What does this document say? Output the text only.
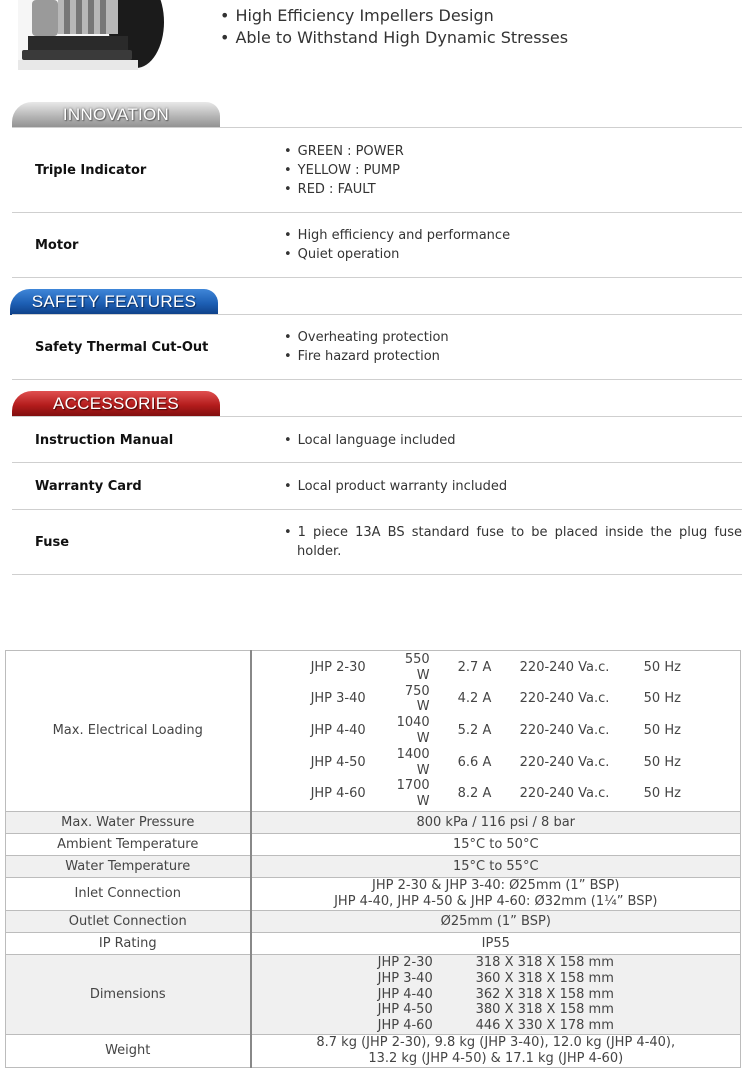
• High Efficiency Impellers Design
• Able to Withstand High Dynamic Stresses
INNOVATION
Triple Indicator
• GREEN : POWER
• YELLOW : PUMP
• RED : FAULT
Motor
• High efficiency and performance
• Quiet operation
SAFETY FEATURES
Safety Thermal Cut-Out
• Overheating protection
• Fire hazard protection
ACCESSORIES
Instruction Manual	• Local language included
Warranty Card	• Local product warranty included
Fuse
• 1 piece 13A BS standard fuse to be placed inside the plug fuse holder.
Max. Electrical Loading	
JHP 2-30	550 W	2.7 A	220-240 Va.c.	50 Hz
JHP 3-40	750 W	4.2 A	220-240 Va.c.	50 Hz
JHP 4-40	1040 W	5.2 A	220-240 Va.c.	50 Hz
JHP 4-50	1400 W	6.6 A	220-240 Va.c.	50 Hz
JHP 4-60	1700 W	8.2 A	220-240 Va.c.	50 Hz

Max. Water Pressure	800 kPa / 116 psi / 8 bar
Ambient Temperature	15°C to 50°C
Water Temperature	15°C to 55°C
Inlet Connection	
JHP 2-30 & JHP 3-40: Ø25mm (1” BSP)
JHP 4-40, JHP 4-50 & JHP 4-60: Ø32mm (1¼” BSP)

Outlet Connection	Ø25mm (1” BSP)
IP Rating	IP55
Dimensions	
JHP 2-30	318 X 318 X 158 mm
JHP 3-40	360 X 318 X 158 mm
JHP 4-40	362 X 318 X 158 mm
JHP 4-50	380 X 318 X 158 mm
JHP 4-60	446 X 330 X 178 mm

Weight	
8.7 kg (JHP 2-30), 9.8 kg (JHP 3-40), 12.0 kg (JHP 4-40),
13.2 kg (JHP 4-50) & 17.1 kg (JHP 4-60)
